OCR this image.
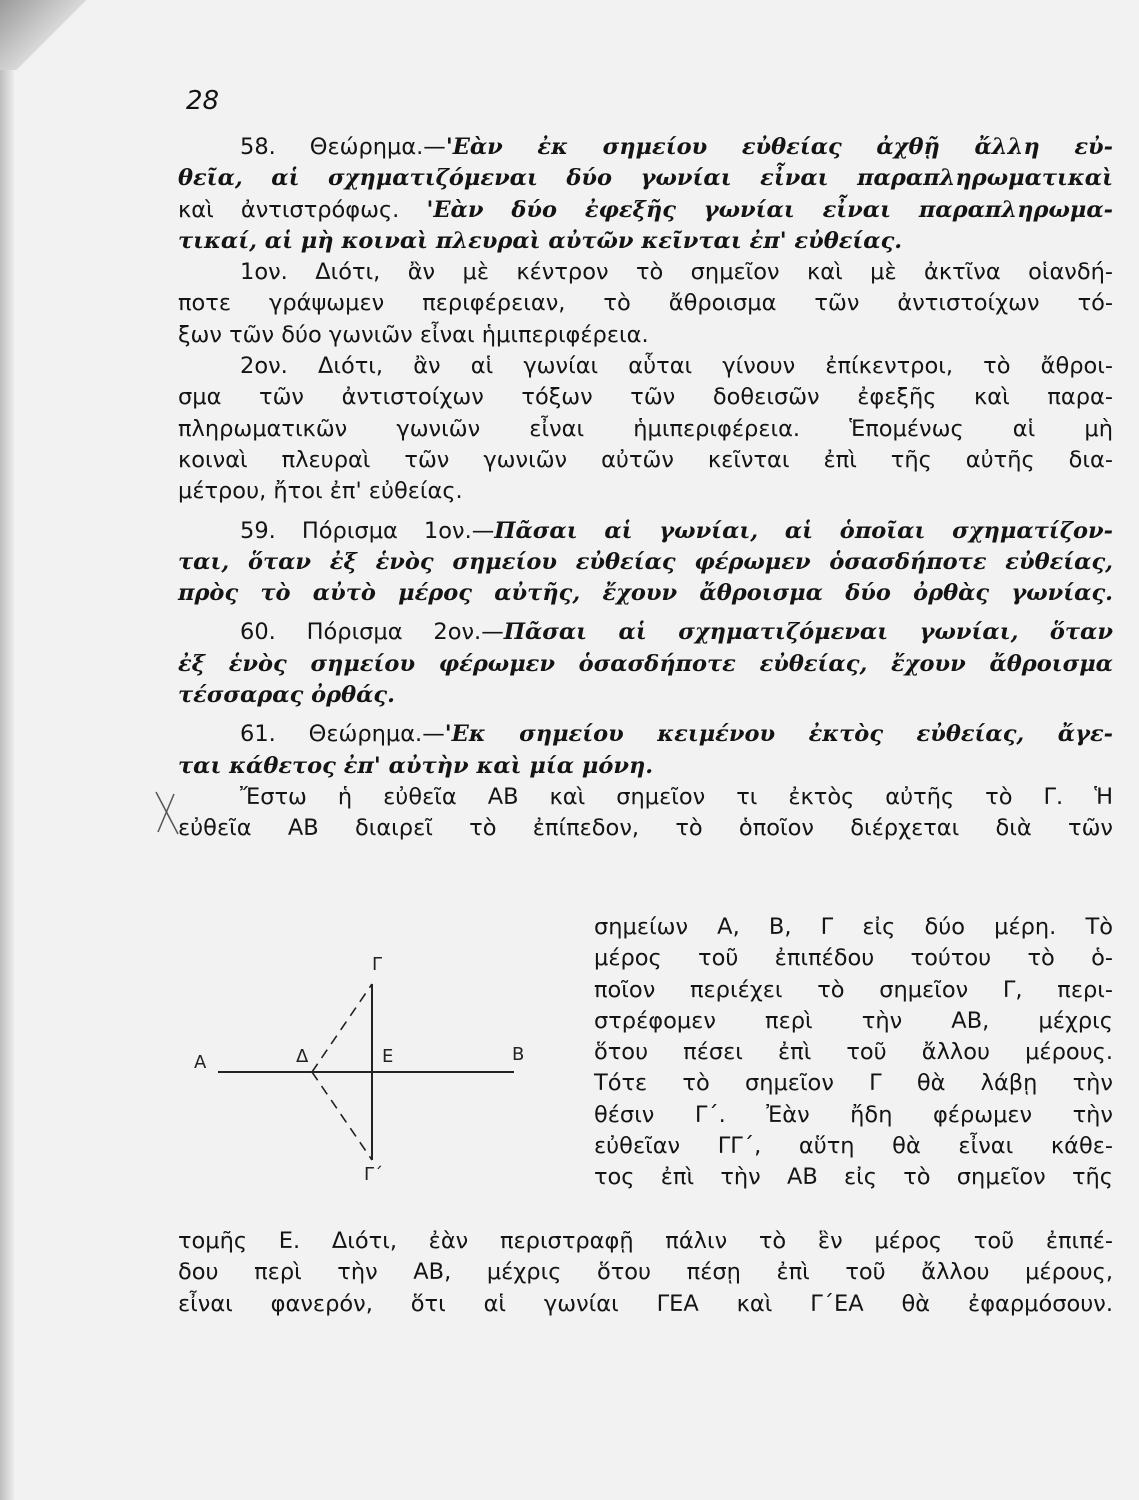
28
58. Θεώρημα.—'Εὰν ἐκ σημείου εὐθείας ἀχθῇ ἄλλη εὐ-
θεῖα, αἱ σχηματιζόμεναι δύο γωνίαι εἶναι παραπληρωματικαὶ
καὶ ἀντιστρόφως. 'Εὰν δύο ἐφεξῆς γωνίαι εἶναι παραπληρωμα-
τικαί, αἱ μὴ κοιναὶ πλευραὶ αὐτῶν κεῖνται ἐπ' εὐθείας.
1ον. Διότι, ἂν μὲ κέντρον τὸ σημεῖον καὶ μὲ ἀκτῖνα οἱανδή-
ποτε γράψωμεν περιφέρειαν, τὸ ἄθροισμα τῶν ἀντιστοίχων τό-
ξων τῶν δύο γωνιῶν εἶναι ἡμιπεριφέρεια.
2ον. Διότι, ἂν αἱ γωνίαι αὗται γίνουν ἐπίκεντροι, τὸ ἄθροι-
σμα τῶν ἀντιστοίχων τόξων τῶν δοθεισῶν ἐφεξῆς καὶ παρα-
πληρωματικῶν γωνιῶν εἶναι ἡμιπεριφέρεια. Ἑπομένως αἱ μὴ
κοιναὶ πλευραὶ τῶν γωνιῶν αὐτῶν κεῖνται ἐπὶ τῆς αὐτῆς δια-
μέτρου, ἤτοι ἐπ' εὐθείας.
59. Πόρισμα 1ον.—Πᾶσαι αἱ γωνίαι, αἱ ὁποῖαι σχηματίζον-
ται, ὅταν ἐξ ἑνὸς σημείου εὐθείας φέρωμεν ὁσασδήποτε εὐθείας,
πρὸς τὸ αὐτὸ μέρος αὐτῆς, ἔχουν ἄθροισμα δύο ὀρθὰς γωνίας.
60. Πόρισμα 2ον.—Πᾶσαι αἱ σχηματιζόμεναι γωνίαι, ὅταν
ἐξ ἑνὸς σημείου φέρωμεν ὁσασδήποτε εὐθείας, ἔχουν ἄθροισμα
τέσσαρας ὀρθάς.
61. Θεώρημα.—'Εκ σημείου κειμένου ἐκτὸς εὐθείας, ἄγε-
ται κάθετος ἐπ' αὐτὴν καὶ μία μόνη.
Ἔστω ἡ εὐθεῖα ΑΒ καὶ σημεῖον τι ἐκτὸς αὐτῆς τὸ Γ. Ἡ
εὐθεῖα ΑΒ διαιρεῖ τὸ ἐπίπεδον, τὸ ὁποῖον διέρχεται διὰ τῶν
σημείων Α, Β, Γ εἰς δύο μέρη. Τὸ
μέρος τοῦ ἐπιπέδου τούτου τὸ ὁ-
ποῖον περιέχει τὸ σημεῖον Γ, περι-
στρέφομεν περὶ τὴν ΑΒ, μέχρις
ὅτου πέσει ἐπὶ τοῦ ἄλλου μέρους.
Τότε τὸ σημεῖον Γ θὰ λάβῃ τὴν
θέσιν Γ΄. Ἐὰν ἤδη φέρωμεν τὴν
εὐθεῖαν ΓΓ΄, αὕτη θὰ εἶναι κάθε-
τος ἐπὶ τὴν ΑΒ εἰς τὸ σημεῖον τῆς
Α	Β
Γ
Δ	Ε
Γ΄
τομῆς Ε. Διότι, ἐὰν περιστραφῇ πάλιν τὸ ἓν μέρος τοῦ ἐπιπέ-
δου περὶ τὴν ΑΒ, μέχρις ὅτου πέσῃ ἐπὶ τοῦ ἄλλου μέρους,
εἶναι φανερόν, ὅτι αἱ γωνίαι ΓΕΑ καὶ Γ΄ΕΑ θὰ ἐφαρμόσουν.
